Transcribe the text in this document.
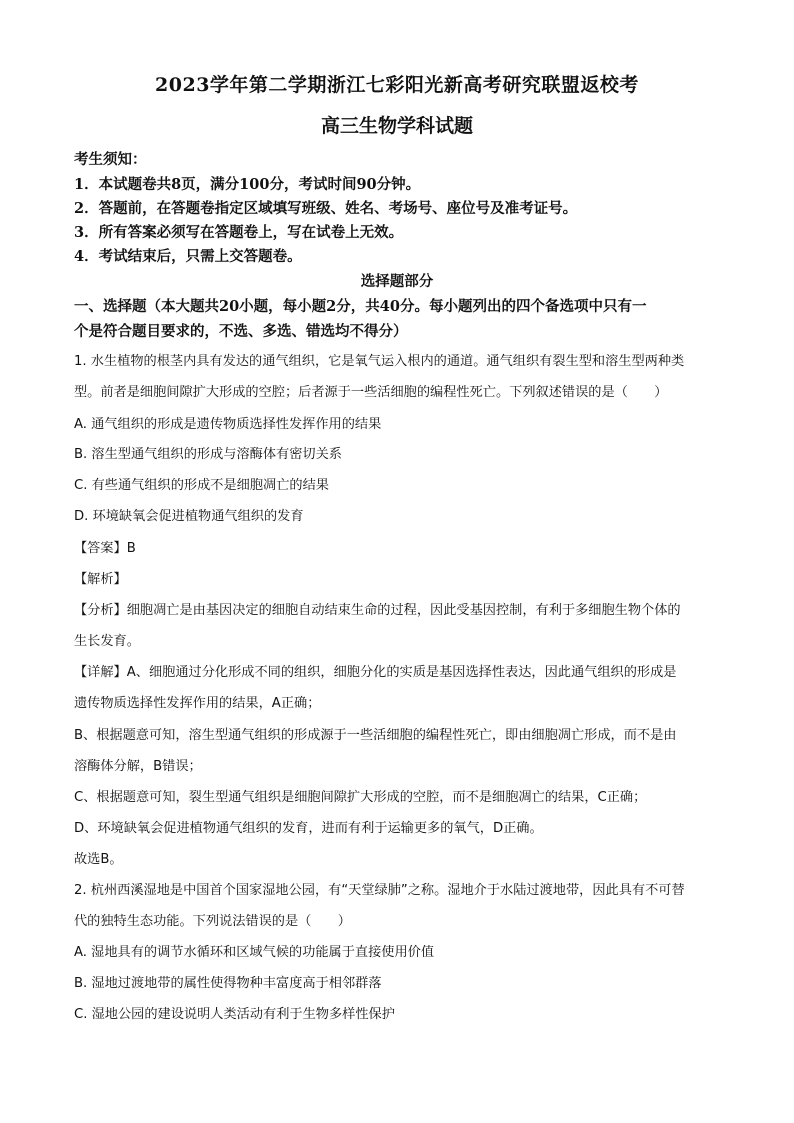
2023学年第二学期浙江七彩阳光新高考研究联盟返校考
高三生物学科试题
考生须知：
1．本试题卷共8页，满分100分，考试时间90分钟。
2．答题前，在答题卷指定区域填写班级、姓名、考场号、座位号及准考证号。
3．所有答案必须写在答题卷上，写在试卷上无效。
4．考试结束后，只需上交答题卷。
选择题部分
一、选择题（本大题共20小题，每小题2分，共40分。每小题列出的四个备选项中只有一
个是符合题目要求的，不选、多选、错选均不得分）
1. 水生植物的根茎内具有发达的通气组织，它是氧气运入根内的通道。通气组织有裂生型和溶生型两种类
型。前者是细胞间隙扩大形成的空腔；后者源于一些活细胞的编程性死亡。下列叙述错误的是（　　）
A. 通气组织的形成是遗传物质选择性发挥作用的结果
B. 溶生型通气组织的形成与溶酶体有密切关系
C. 有些通气组织的形成不是细胞凋亡的结果
D. 环境缺氧会促进植物通气组织的发育
【答案】B
【解析】
【分析】细胞凋亡是由基因决定的细胞自动结束生命的过程，因此受基因控制，有利于多细胞生物个体的
生长发育。
【详解】A、细胞通过分化形成不同的组织，细胞分化的实质是基因选择性表达，因此通气组织的形成是
遗传物质选择性发挥作用的结果，A正确；
B、根据题意可知，溶生型通气组织的形成源于一些活细胞的编程性死亡，即由细胞凋亡形成，而不是由
溶酶体分解，B错误；
C、根据题意可知，裂生型通气组织是细胞间隙扩大形成的空腔，而不是细胞凋亡的结果，C正确；
D、环境缺氧会促进植物通气组织的发育，进而有利于运输更多的氧气，D正确。
故选B。
2. 杭州西溪湿地是中国首个国家湿地公园，有“天堂绿肺”之称。湿地介于水陆过渡地带，因此具有不可替
代的独特生态功能。下列说法错误的是（　　）
A. 湿地具有的调节水循环和区域气候的功能属于直接使用价值
B. 湿地过渡地带的属性使得物种丰富度高于相邻群落
C. 湿地公园的建设说明人类活动有利于生物多样性保护
